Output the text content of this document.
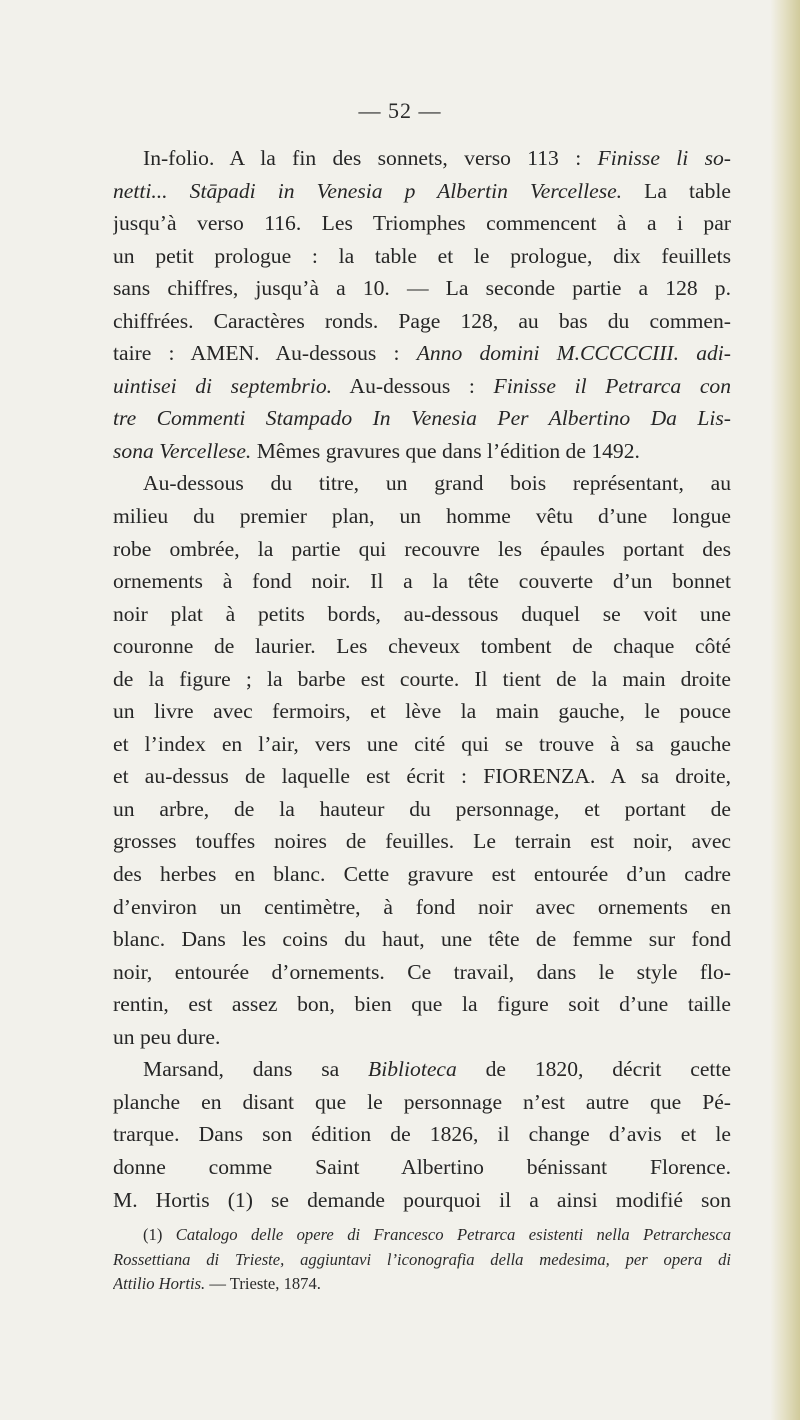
— 52 —
In-folio. A la fin des sonnets, verso 113 : Finisse li so-
netti... Stāpadi in Venesia p Albertin Vercellese. La table
jusqu’à verso 116. Les Triomphes commencent à a i par
un petit prologue : la table et le prologue, dix feuillets
sans chiffres, jusqu’à a 10. — La seconde partie a 128 p.
chiffrées. Caractères ronds. Page 128, au bas du commen-
taire : AMEN. Au-dessous : Anno domini M.CCCCCIII. adi-
uintisei di septembrio. Au-dessous : Finisse il Petrarca con
tre Commenti Stampado In Venesia Per Albertino Da Lis-
sona Vercellese. Mêmes gravures que dans l’édition de 1492.
Au-dessous du titre, un grand bois représentant, au
milieu du premier plan, un homme vêtu d’une longue
robe ombrée, la partie qui recouvre les épaules portant des
ornements à fond noir. Il a la tête couverte d’un bonnet
noir plat à petits bords, au-dessous duquel se voit une
couronne de laurier. Les cheveux tombent de chaque côté
de la figure ; la barbe est courte. Il tient de la main droite
un livre avec fermoirs, et lève la main gauche, le pouce
et l’index en l’air, vers une cité qui se trouve à sa gauche
et au-dessus de laquelle est écrit : FIORENZA. A sa droite,
un arbre, de la hauteur du personnage, et portant de
grosses touffes noires de feuilles. Le terrain est noir, avec
des herbes en blanc. Cette gravure est entourée d’un cadre
d’environ un centimètre, à fond noir avec ornements en
blanc. Dans les coins du haut, une tête de femme sur fond
noir, entourée d’ornements. Ce travail, dans le style flo-
rentin, est assez bon, bien que la figure soit d’une taille
un peu dure.
Marsand, dans sa Biblioteca de 1820, décrit cette
planche en disant que le personnage n’est autre que Pé-
trarque. Dans son édition de 1826, il change d’avis et le
donne comme Saint Albertino bénissant Florence.
M. Hortis (1) se demande pourquoi il a ainsi modifié son
(1) Catalogo delle opere di Francesco Petrarca esistenti nella Petrarchesca
Rossettiana di Trieste, aggiuntavi l’iconografia della medesima, per opera di
Attilio Hortis. — Trieste, 1874.
